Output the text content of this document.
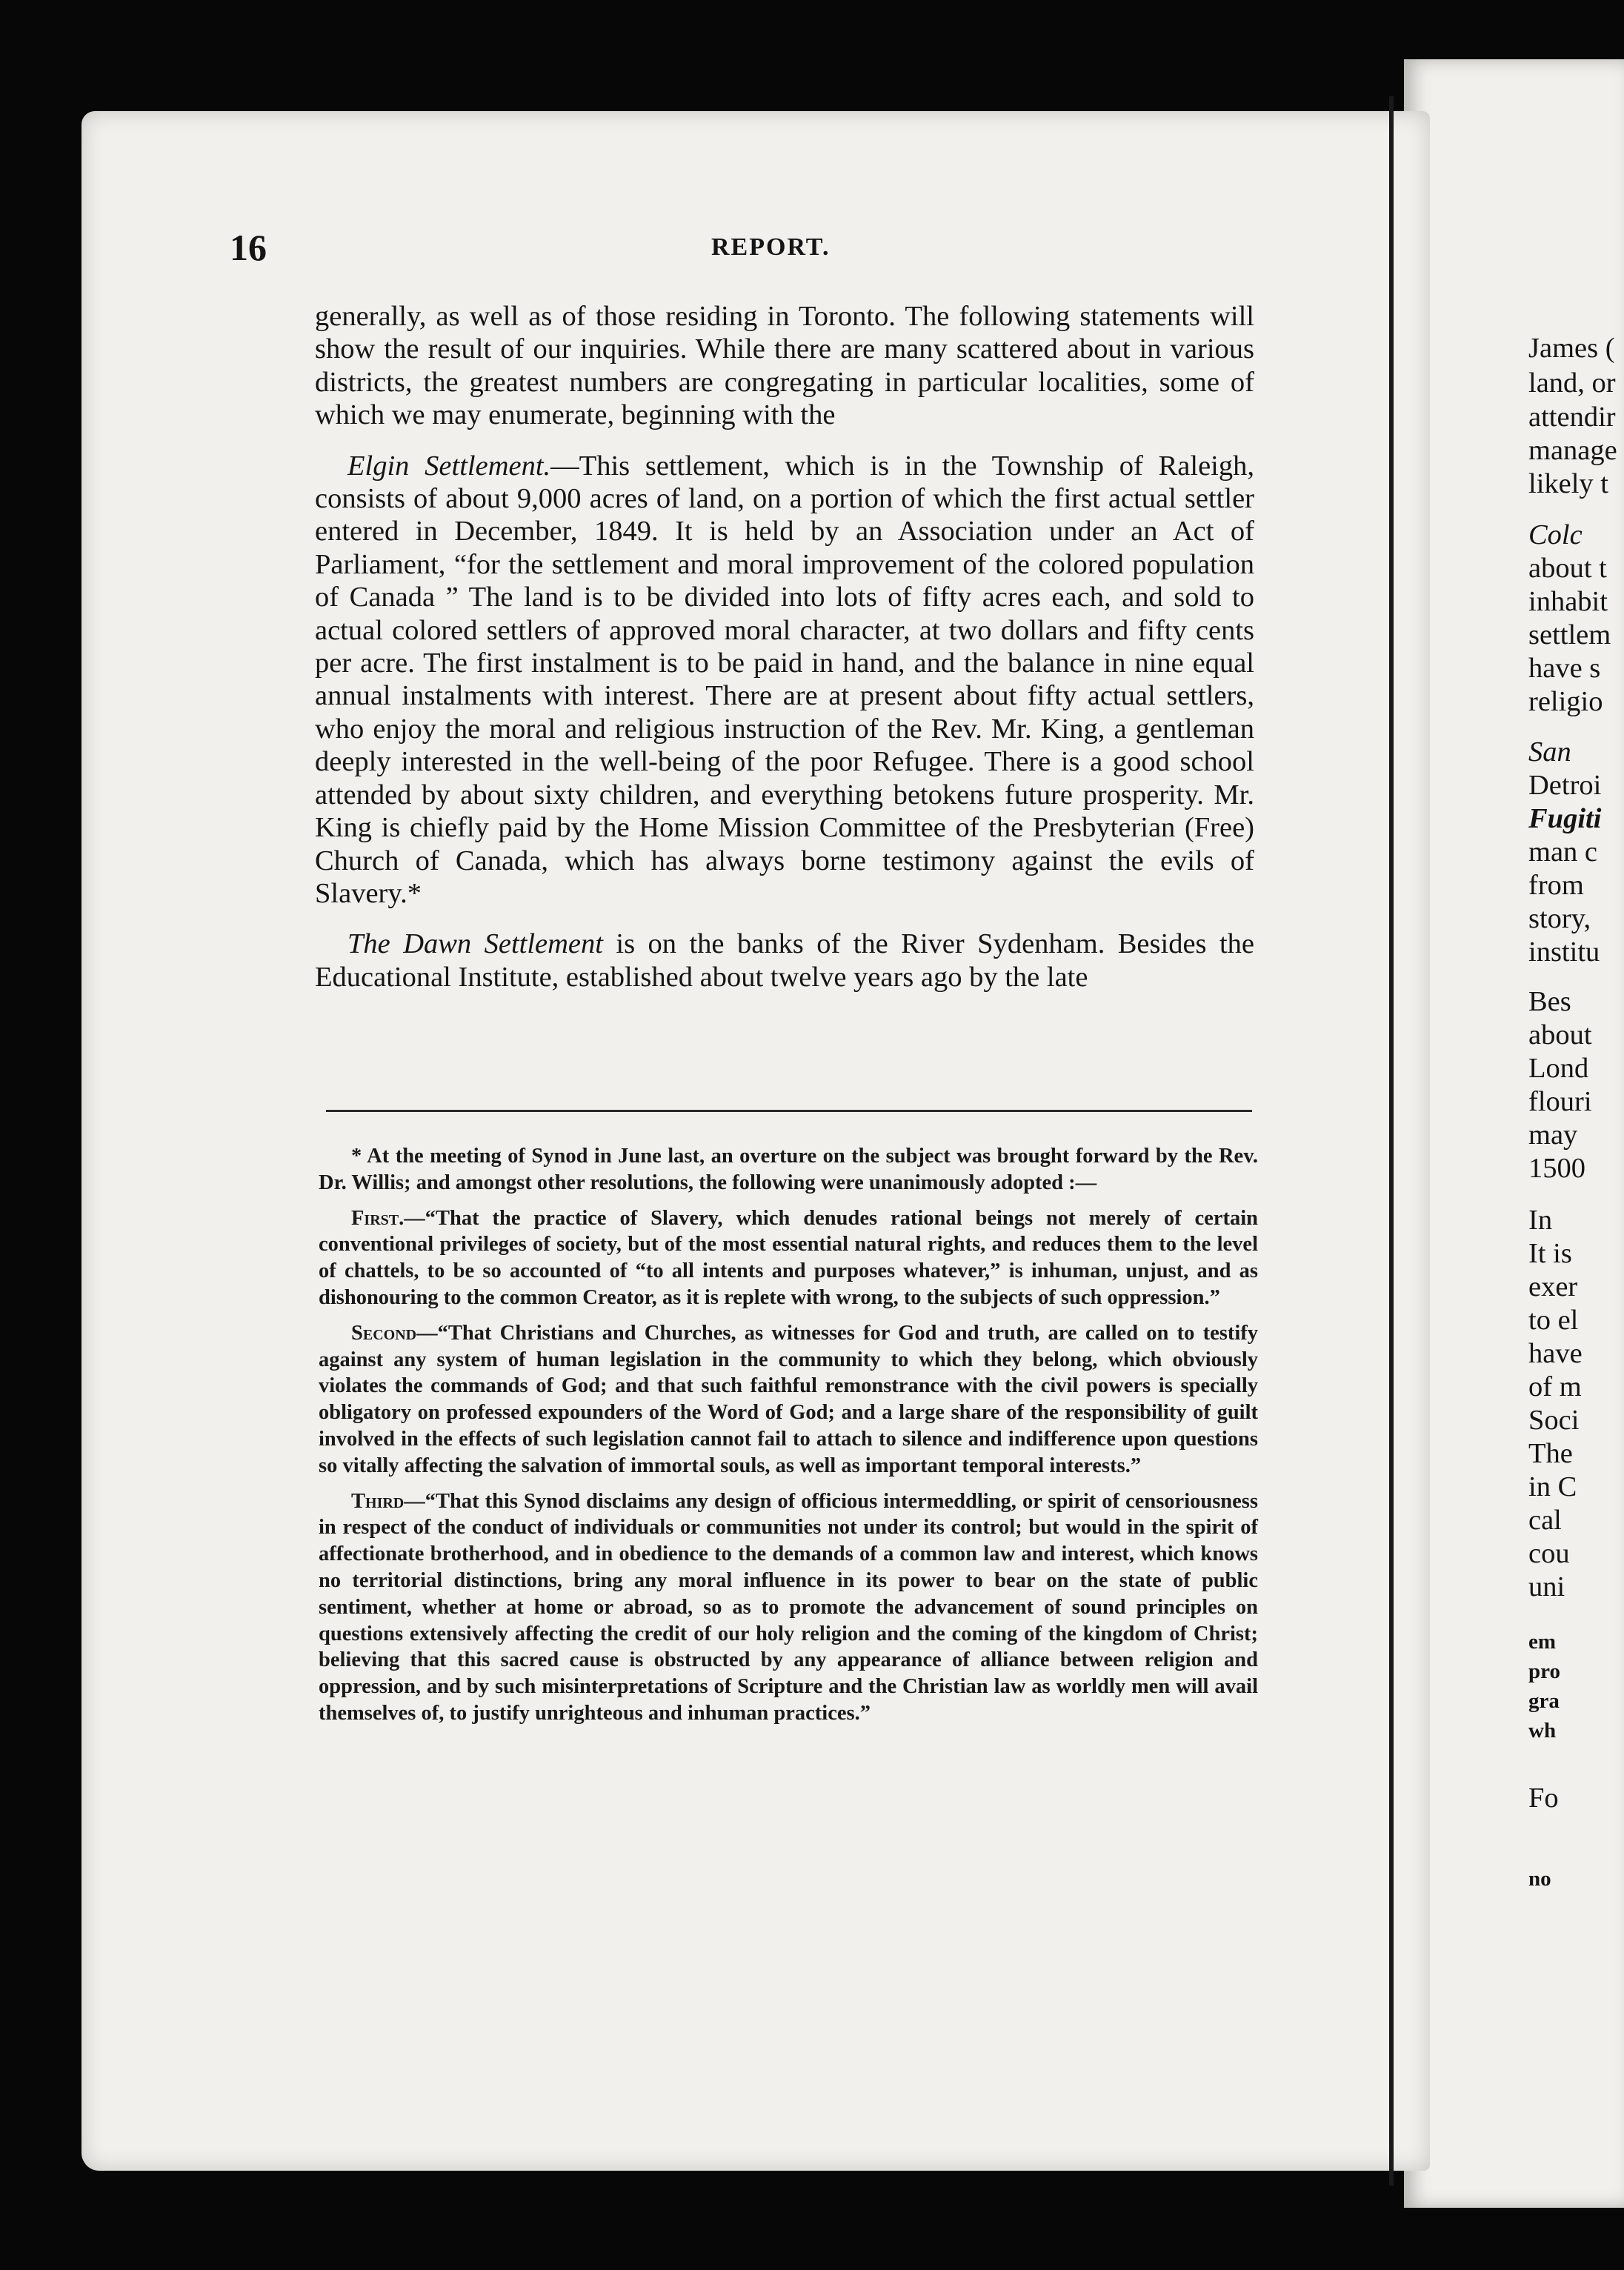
16	REPORT.

generally, as well as of those residing in Toronto. The following statements will show the result of our inquiries. While there are many scattered about in various districts, the greatest numbers are congregating in particular localities, some of which we may enumerate, beginning with the

Elgin Settlement.—This settlement, which is in the Township of Raleigh, consists of about 9,000 acres of land, on a portion of which the first actual settler entered in December, 1849. It is held by an Association under an Act of Parliament, “for the settlement and moral improvement of the colored population of Canada ” The land is to be divided into lots of fifty acres each, and sold to actual colored settlers of approved moral character, at two dollars and fifty cents per acre. The first instalment is to be paid in hand, and the balance in nine equal annual instalments with interest. There are at present about fifty actual settlers, who enjoy the moral and religious instruction of the Rev. Mr. King, a gentleman deeply interested in the well-being of the poor Refugee. There is a good school attended by about sixty children, and everything betokens future prosperity. Mr. King is chiefly paid by the Home Mission Committee of the Presbyterian (Free) Church of Canada, which has always borne testimony against the evils of Slavery.*

The Dawn Settlement is on the banks of the River Sydenham. Besides the Educational Institute, established about twelve years ago by the late

* At the meeting of Synod in June last, an overture on the subject was brought forward by the Rev. Dr. Willis; and amongst other resolutions, the following were unanimously adopted :—

First.—“That the practice of Slavery, which denudes rational beings not merely of certain conventional privileges of society, but of the most essential natural rights, and reduces them to the level of chattels, to be so accounted of “to all intents and purposes whatever,” is inhuman, unjust, and as dishonouring to the common Creator, as it is replete with wrong, to the subjects of such oppression.”

Second—“That Christians and Churches, as witnesses for God and truth, are called on to testify against any system of human legislation in the community to which they belong, which obviously violates the commands of God; and that such faithful remonstrance with the civil powers is specially obligatory on professed expounders of the Word of God; and a large share of the responsibility of guilt involved in the effects of such legislation cannot fail to attach to silence and indifference upon questions so vitally affecting the salvation of immortal souls, as well as important temporal interests.”

Third—“That this Synod disclaims any design of officious intermeddling, or spirit of censoriousness in respect of the conduct of individuals or communities not under its control; but would in the spirit of affectionate brotherhood, and in obedience to the demands of a common law and interest, which knows no territorial distinctions, bring any moral influence in its power to bear on the state of public sentiment, whether at home or abroad, so as to promote the advancement of sound principles on questions extensively affecting the credit of our holy religion and the coming of the kingdom of Christ; believing that this sacred cause is obstructed by any appearance of alliance between religion and oppression, and by such misinterpretations of Scripture and the Christian law as worldly men will avail themselves of, to justify unrighteous and inhuman practices.”

James (
land, or
attendir
manage
likely t
Colc
about t
inhabit
settlem
have s
religio
San
Detroi
Fugiti
man c
from
story,
institu
Bes
about
Lond
flouri
may
1500
In
It is
exer
to el
have
of m
Soci
The
in C
cal
cou
uni
em
pro
gra
wh
Fo
no
